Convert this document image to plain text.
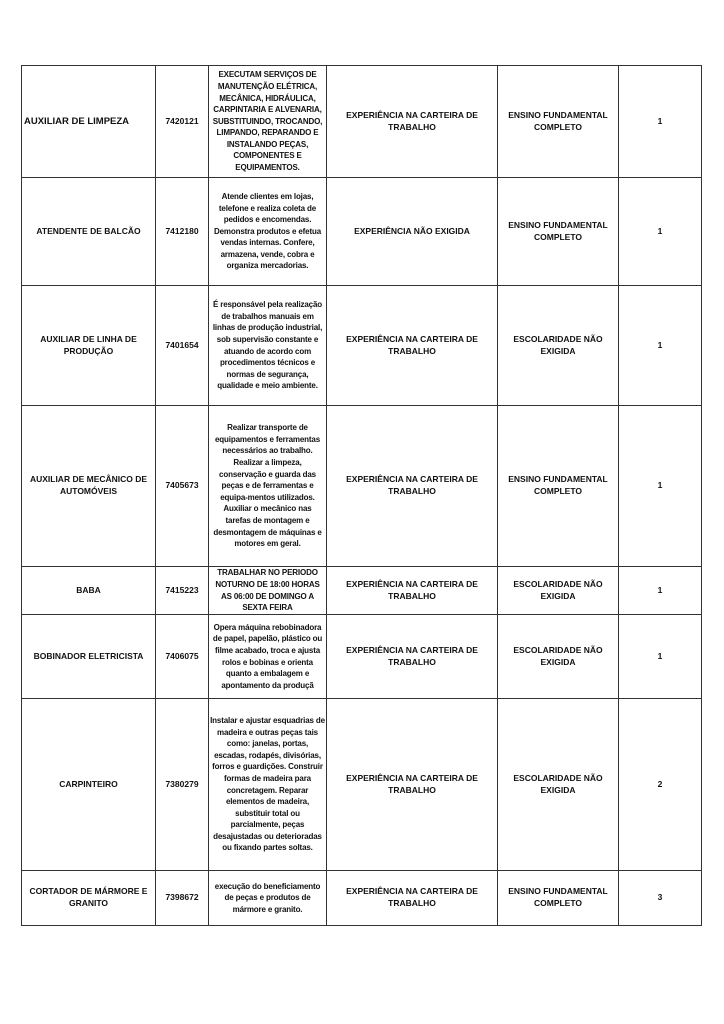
AUXILIAR DE LIMPEZA	7420121	EXECUTAM SERVIÇOS DE MANUTENÇÃO ELÉTRICA, MECÂNICA, HIDRÁULICA, CARPINTARIA E ALVENARIA, SUBSTITUINDO, TROCANDO, LIMPANDO, REPARANDO E INSTALANDO PEÇAS, COMPONENTES E EQUIPAMENTOS.	EXPERIÊNCIA NA CARTEIRA DE TRABALHO	ENSINO FUNDAMENTAL COMPLETO	1
ATENDENTE DE BALCÃO	7412180	Atende clientes em lojas, telefone e realiza coleta de pedidos e encomendas. Demonstra produtos e efetua vendas internas. Confere, armazena, vende, cobra e organiza mercadorias.	EXPERIÊNCIA NÃO EXIGIDA	ENSINO FUNDAMENTAL COMPLETO	1
AUXILIAR DE LINHA DE PRODUÇÃO	7401654	É responsável pela realização de trabalhos manuais em linhas de produção industrial, sob supervisão constante e atuando de acordo com procedimentos técnicos e normas de segurança, qualidade e meio ambiente.	EXPERIÊNCIA NA CARTEIRA DE TRABALHO	ESCOLARIDADE NÃO EXIGIDA	1
AUXILIAR DE MECÂNICO DE AUTOMÓVEIS	7405673	Realizar transporte de equipamentos e ferramentas necessários ao trabalho. Realizar a limpeza, conservação e guarda das peças e de ferramentas e equipa-mentos utilizados. Auxiliar o mecânico nas tarefas de montagem e desmontagem de máquinas e motores em geral.	EXPERIÊNCIA NA CARTEIRA DE TRABALHO	ENSINO FUNDAMENTAL COMPLETO	1
BABA	7415223	TRABALHAR NO PERIODO NOTURNO DE 18:00 HORAS AS 06:00 DE DOMINGO A SEXTA FEIRA	EXPERIÊNCIA NA CARTEIRA DE TRABALHO	ESCOLARIDADE NÃO EXIGIDA	1
BOBINADOR ELETRICISTA	7406075	Opera máquina rebobinadora de papel, papelão, plástico ou filme acabado, troca e ajusta rolos e bobinas e orienta quanto a embalagem e apontamento da produçã	EXPERIÊNCIA NA CARTEIRA DE TRABALHO	ESCOLARIDADE NÃO EXIGIDA	1
CARPINTEIRO	7380279	Instalar e ajustar esquadrias de madeira e outras peças tais como: janelas, portas, escadas, rodapés, divisórias, forros e guardições. Construir formas de madeira para concretagem. Reparar elementos de madeira, substituir total ou parcialmente, peças desajustadas ou deterioradas ou fixando partes soltas.	EXPERIÊNCIA NA CARTEIRA DE TRABALHO	ESCOLARIDADE NÃO EXIGIDA	2
CORTADOR DE MÁRMORE E GRANITO	7398672	execução do beneficiamento de peças e produtos de mármore e granito.	EXPERIÊNCIA NA CARTEIRA DE TRABALHO	ENSINO FUNDAMENTAL COMPLETO	3
